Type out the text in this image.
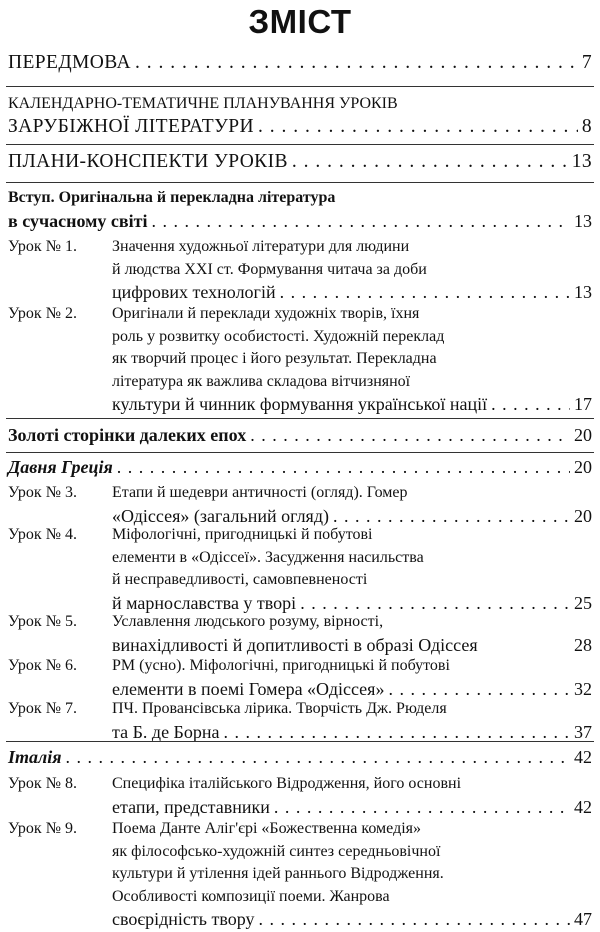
ЗМІСТ
ПЕРЕДМОВА . . .	7
КАЛЕНДАРНО-ТЕМАТИЧНЕ ПЛАНУВАННЯ УРОКІВ
ЗАРУБІЖНОЇ ЛІТЕРАТУРИ . . .	8
ПЛАНИ-КОНСПЕКТИ УРОКІВ . . .	13
Вступ. Оригінальна й перекладна література
в сучасному світі . . .	13
Урок № 1.	Значення художньої літератури для людини
й людства XXI ст. Формування читача за доби
цифрових технологій . . .	13
Урок № 2.	Оригінали й переклади художніх творів, їхня
роль у розвитку особистості. Художній переклад
як творчий процес і його результат. Перекладна
література як важлива складова вітчизняної
культури й чинник формування української нації . . .	17
Золоті сторінки далеких епох . . .	20
Давня Греція . . .	20
Урок № 3.	Етапи й шедеври античності (огляд). Гомер
«Одіссея» (загальний огляд) . . .	20
Урок № 4.	Міфологічні, пригодницькі й побутові
елементи в «Одіссеї». Засудження насильства
й несправедливості, самовпевненості
й марнославства у творі . . .	25
Урок № 5.	Уславлення людського розуму, вірності,
винахідливості й допитливості в образі Одіссея	28
Урок № 6.	РМ (усно). Міфологічні, пригодницькі й побутові
елементи в поемі Гомера «Одіссея» . . .	32
Урок № 7.	ПЧ. Провансівська лірика. Творчість Дж. Рюделя
та Б. де Борна . . .	37
Італія . . .	42
Урок № 8.	Специфіка італійського Відродження, його основні
етапи, представники . . .	42
Урок № 9.	Поема Данте Аліг'єрі «Божественна комедія»
як філософсько-художній синтез середньовічної
культури й утілення ідей раннього Відродження.
Особливості композиції поеми. Жанрова
своєрідність твору . . .	47
